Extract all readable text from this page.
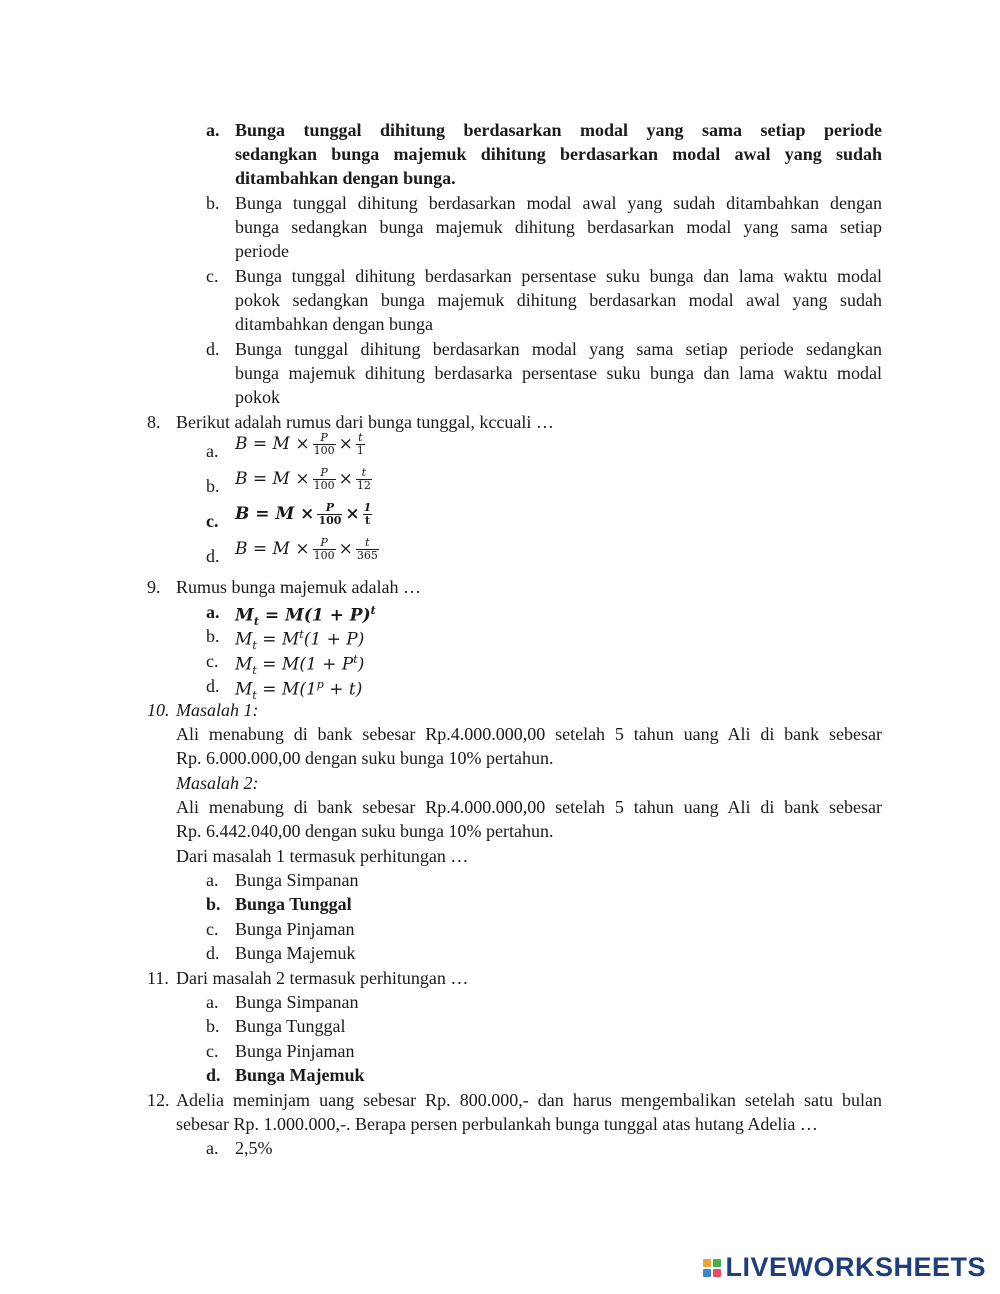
a. Bunga tunggal dihitung berdasarkan modal yang sama setiap periode
sedangkan bunga majemuk dihitung berdasarkan modal awal yang sudah
ditambahkan dengan bunga.
b. Bunga tunggal dihitung berdasarkan modal awal yang sudah ditambahkan dengan
bunga sedangkan bunga majemuk dihitung berdasarkan modal yang sama setiap
periode
c. Bunga tunggal dihitung berdasarkan persentase suku bunga dan lama waktu modal
pokok sedangkan bunga majemuk dihitung berdasarkan modal awal yang sudah
ditambahkan dengan bunga
d. Bunga tunggal dihitung berdasarkan modal yang sama setiap periode sedangkan
bunga majemuk dihitung berdasarka persentase suku bunga dan lama waktu modal
pokok
8. Berikut adalah rumus dari bunga tunggal, kccuali …
a. $B = M \times \frac{P}{100} \times \frac{t}{1}$
b. $B = M \times \frac{P}{100} \times \frac{t}{12}$
c. $B = M \times \frac{P}{100} \times \frac{1}{t}$
d. $B = M \times \frac{P}{100} \times \frac{t}{365}$
9. Rumus bunga majemuk adalah …
a. $M_t = M(1 + P)^t$
b. $M_t = M^t(1 + P)$
c. $M_t = M(1 + P^t)$
d. $M_t = M(1^p + t)$
10. Masalah 1:
Ali menabung di bank sebesar Rp.4.000.000,00 setelah 5 tahun uang Ali di bank sebesar
Rp. 6.000.000,00 dengan suku bunga 10% pertahun.
Masalah 2:
Ali menabung di bank sebesar Rp.4.000.000,00 setelah 5 tahun uang Ali di bank sebesar
Rp. 6.442.040,00 dengan suku bunga 10% pertahun.
Dari masalah 1 termasuk perhitungan …
a. Bunga Simpanan
b. Bunga Tunggal
c. Bunga Pinjaman
d. Bunga Majemuk
11. Dari masalah 2 termasuk perhitungan …
a. Bunga Simpanan
b. Bunga Tunggal
c. Bunga Pinjaman
d. Bunga Majemuk
12. Adelia meminjam uang sebesar Rp. 800.000,- dan harus mengembalikan setelah satu bulan
sebesar Rp. 1.000.000,-. Berapa persen perbulankah bunga tunggal atas hutang Adelia …
a. 2,5%
LIVEWORKSHEETS
